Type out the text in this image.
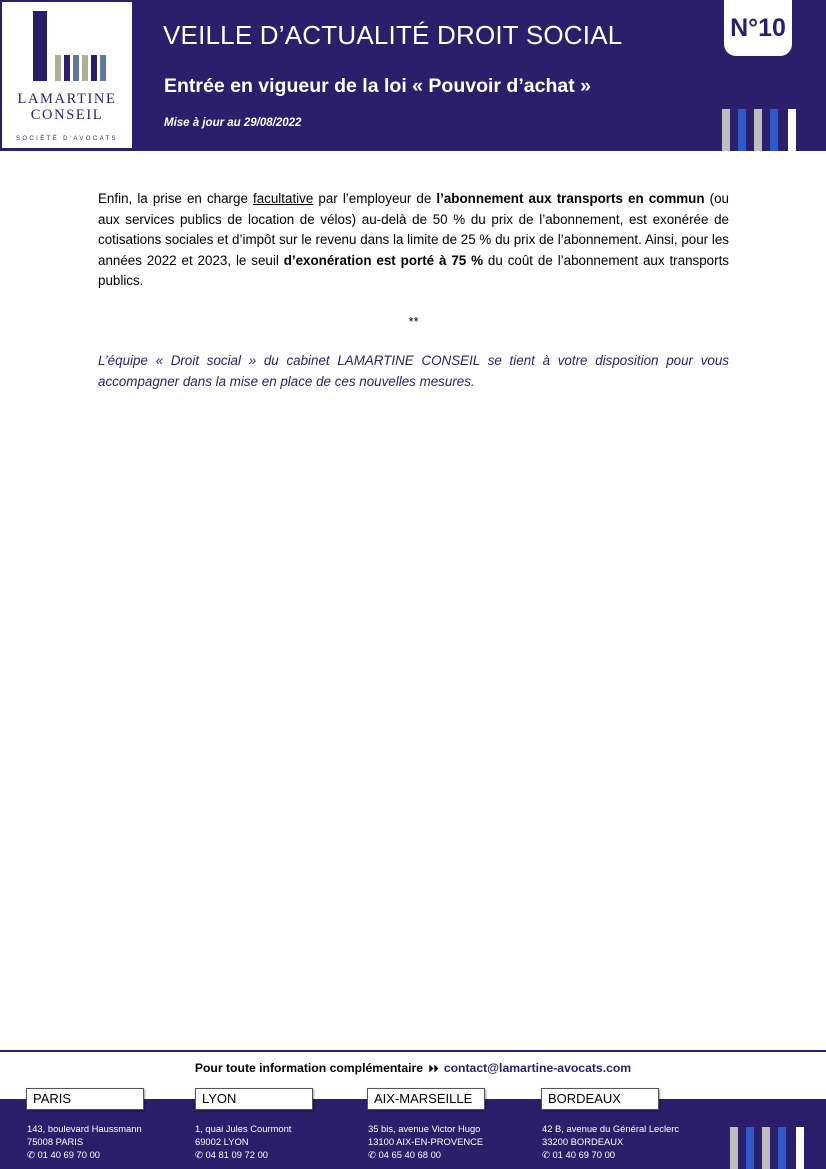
LAMARTINE
CONSEIL
SOCIÉTÉ D'AVOCATS
VEILLE D’ACTUALITÉ DROIT SOCIAL
Entrée en vigueur de la loi « Pouvoir d’achat »
Mise à jour au 29/08/2022
N°10

Enfin, la prise en charge facultative par l’employeur de l’abonnement aux transports en commun (ou aux services publics de location de vélos) au-delà de 50 % du prix de l’abonnement, est exonérée de cotisations sociales et d’impôt sur le revenu dans la limite de 25 % du prix de l’abonnement. Ainsi, pour les années 2022 et 2023, le seuil d’exonération est porté à 75 % du coût de l’abonnement aux transports publics.

**

L’équipe « Droit social » du cabinet LAMARTINE CONSEIL se tient à votre disposition pour vous accompagner dans la mise en place de ces nouvelles mesures.

Pour toute information complémentaire ⏵⏵ contact@lamartine-avocats.com
PARIS
143, boulevard Haussmann
75008 PARIS
✆ 01 40 69 70 00
LYON
1, quai Jules Courmont
69002 LYON
✆ 04 81 09 72 00
AIX-MARSEILLE
35 bis, avenue Victor Hugo
13100 AIX-EN-PROVENCE
✆ 04 65 40 68 00
BORDEAUX
42 B, avenue du Général Leclerc
33200 BORDEAUX
✆ 01 40 69 70 00
